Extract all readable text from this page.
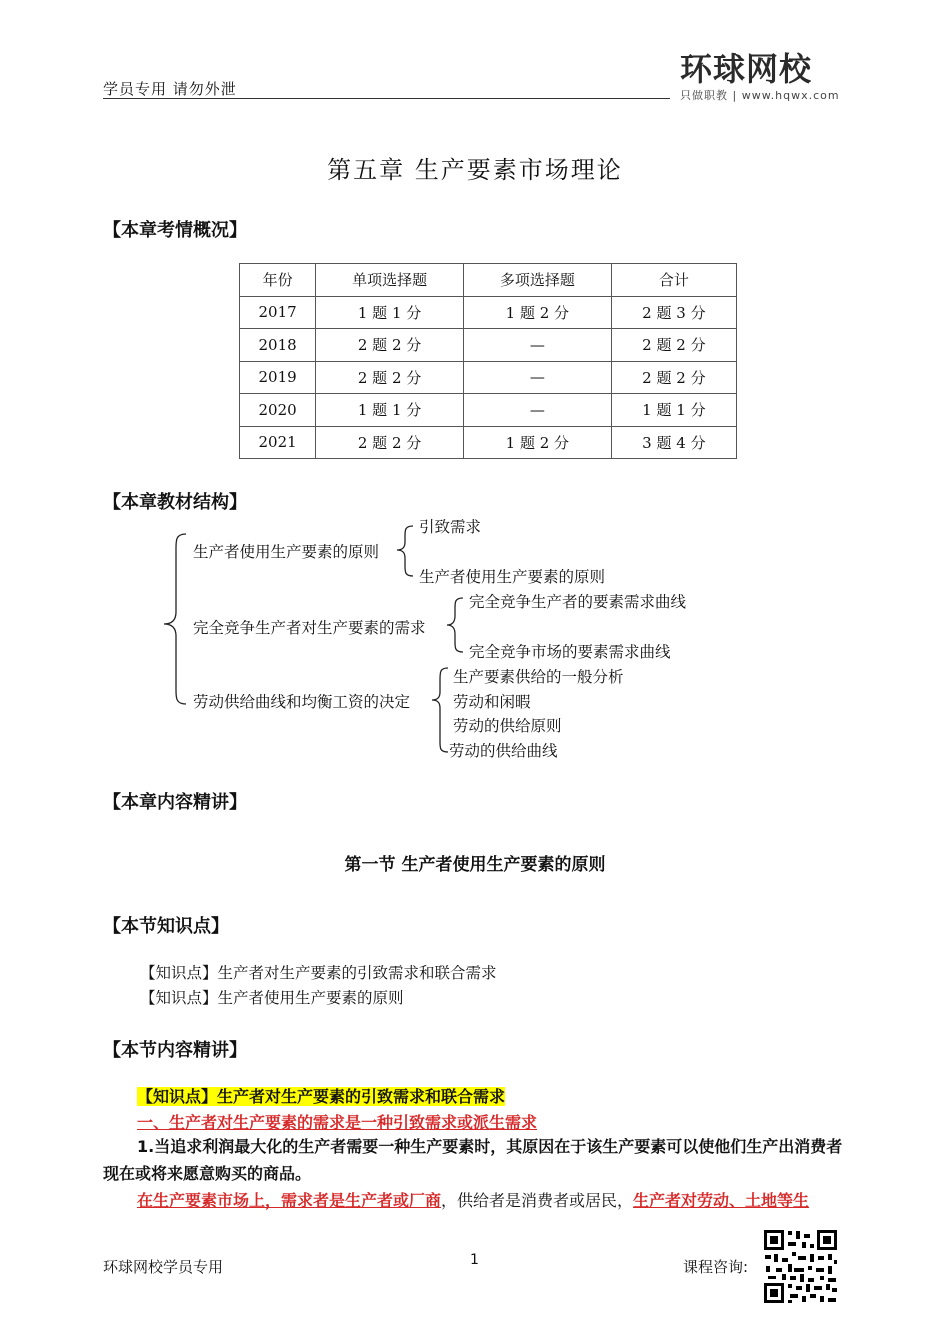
学员专用 请勿外泄
环球网校
只做职教 | www.hqwx.com
第五章 生产要素市场理论
【本章考情概况】
年份	单项选择题	多项选择题	合计
2017	1 题 1 分	1 题 2 分	2 题 3 分
2018	2 题 2 分	—	2 题 2 分
2019	2 题 2 分	—	2 题 2 分
2020	1 题 1 分	—	1 题 1 分
2021	2 题 2 分	1 题 2 分	3 题 4 分
【本章教材结构】
生产者使用生产要素的原则
引致需求
生产者使用生产要素的原则
完全竞争生产者对生产要素的需求
完全竞争生产者的要素需求曲线
完全竞争市场的要素需求曲线
劳动供给曲线和均衡工资的决定
生产要素供给的一般分析
劳动和闲暇
劳动的供给原则
劳动的供给曲线
【本章内容精讲】
第一节 生产者使用生产要素的原则
【本节知识点】
【知识点】生产者对生产要素的引致需求和联合需求
【知识点】生产者使用生产要素的原则
【本节内容精讲】
【知识点】生产者对生产要素的引致需求和联合需求
一、生产者对生产要素的需求是一种引致需求或派生需求
1.当追求利润最大化的生产者需要一种生产要素时，其原因在于该生产要素可以使他们生产出消费者现在或将来愿意购买的商品。
在生产要素市场上，需求者是生产者或厂商，供给者是消费者或居民，生产者对劳动、土地等生
环球网校学员专用	1	课程咨询:
